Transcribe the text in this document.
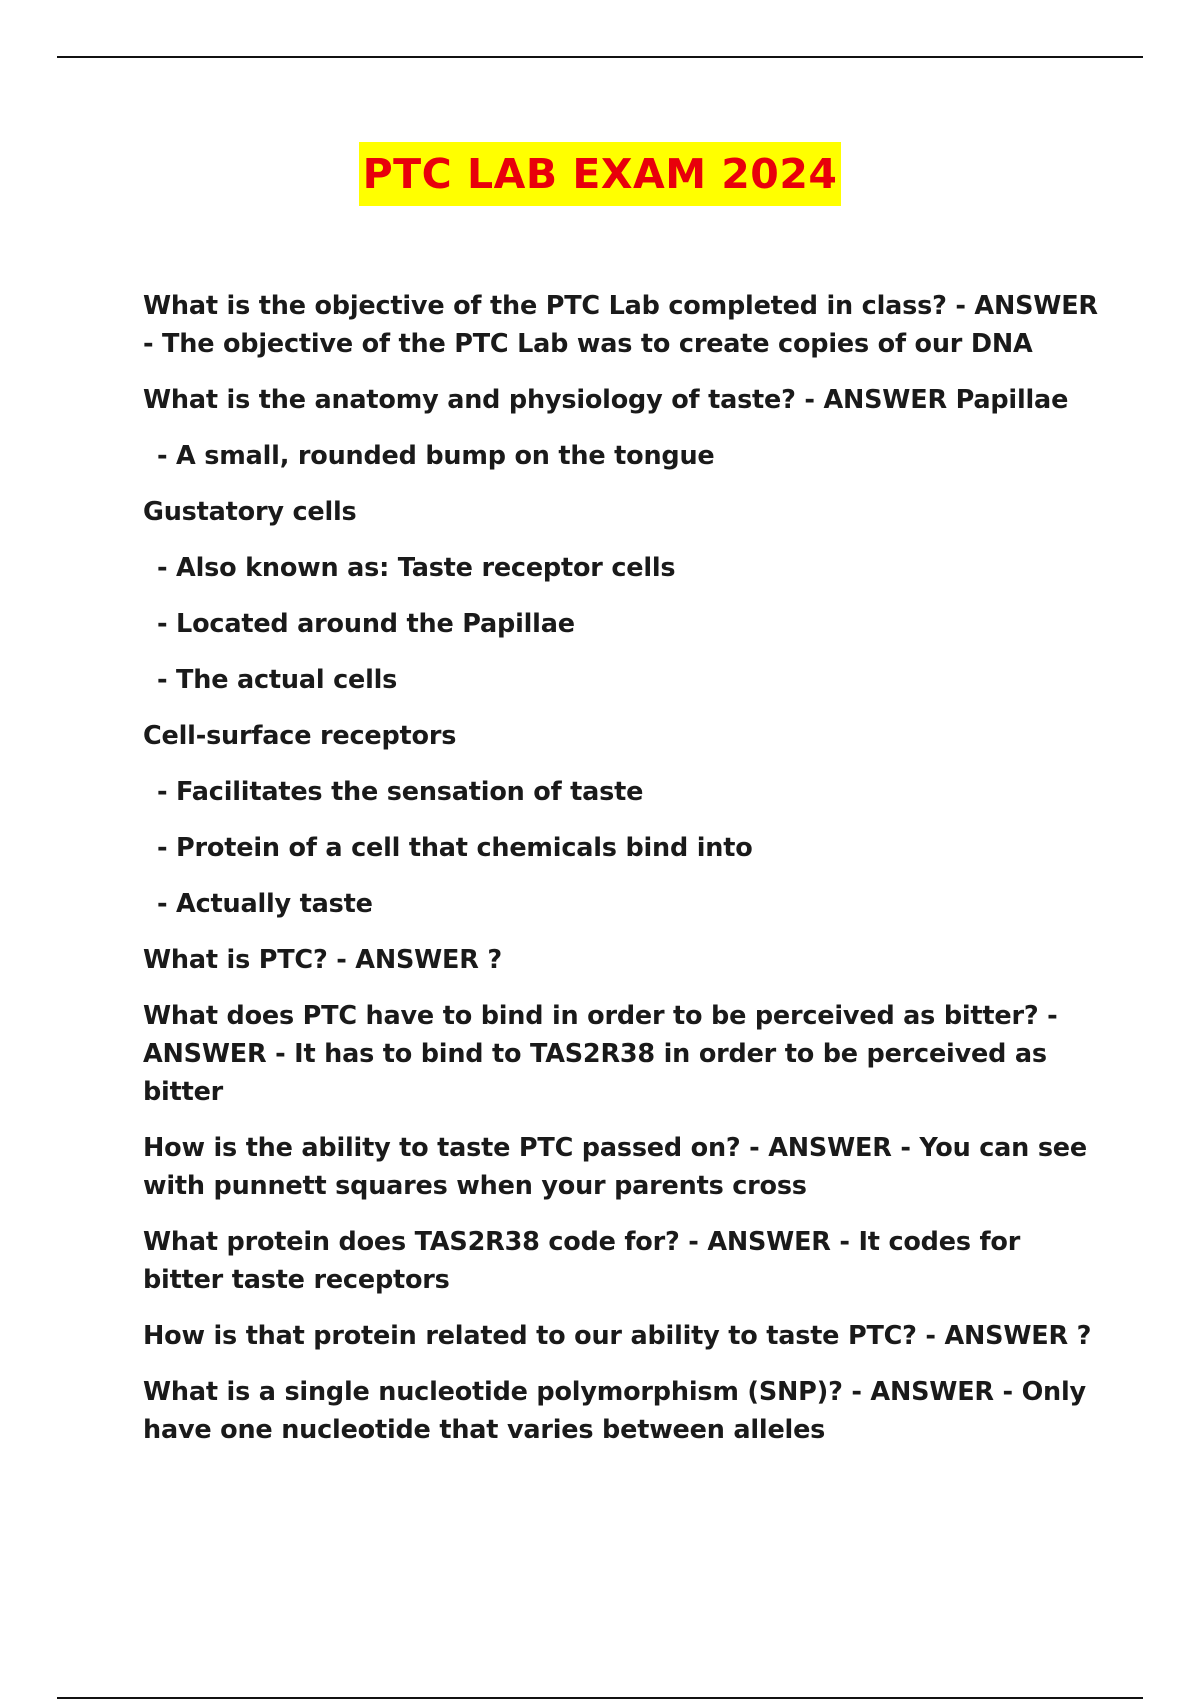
PTC LAB EXAM 2024

What is the objective of the PTC Lab completed in class? - ANSWER - The objective of the PTC Lab was to create copies of our DNA

What is the anatomy and physiology of taste? - ANSWER Papillae

- A small, rounded bump on the tongue

Gustatory cells

- Also known as: Taste receptor cells

- Located around the Papillae

- The actual cells

Cell-surface receptors

- Facilitates the sensation of taste

- Protein of a cell that chemicals bind into

- Actually taste

What is PTC? - ANSWER ?

What does PTC have to bind in order to be perceived as bitter? - ANSWER - It has to bind to TAS2R38 in order to be perceived as bitter

How is the ability to taste PTC passed on? - ANSWER - You can see with punnett squares when your parents cross

What protein does TAS2R38 code for? - ANSWER - It codes for bitter taste receptors

How is that protein related to our ability to taste PTC? - ANSWER ?

What is a single nucleotide polymorphism (SNP)? - ANSWER - Only have one nucleotide that varies between alleles
